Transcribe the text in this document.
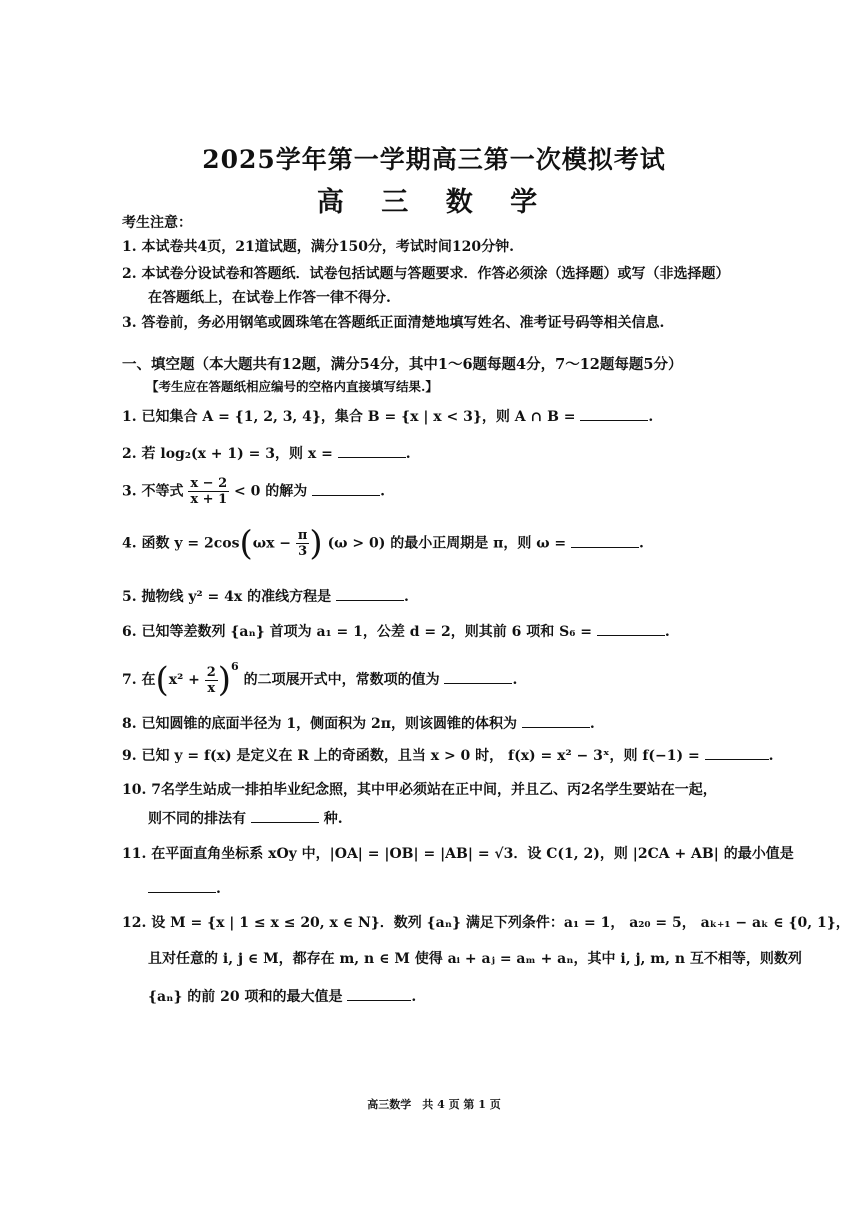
2025学年第一学期高三第一次模拟考试
高 三 数 学
考生注意：
1. 本试卷共4页，21道试题，满分150分，考试时间120分钟.
2. 本试卷分设试卷和答题纸．试卷包括试题与答题要求．作答必须涂（选择题）或写（非选择题）
在答题纸上，在试卷上作答一律不得分.
3. 答卷前，务必用钢笔或圆珠笔在答题纸正面清楚地填写姓名、准考证号码等相关信息.
一、填空题（本大题共有12题，满分54分，其中1～6题每题4分，7～12题每题5分）
【考生应在答题纸相应编号的空格内直接填写结果.】
1. 已知集合 A = {1, 2, 3, 4}，集合 B = {x | x < 3}，则 A ∩ B =	.
2. 若 log₂(x + 1) = 3，则 x =	.
3. 不等式 $\frac{x - 2}{x + 1} < 0$ 的解为	.
4. 函数 $y = 2\cos(\omega x - \frac{\pi}{3}$ ) (ω > 0) 的最小正周期是 π，则 ω =	.
5. 抛物线 y² = 4x 的准线方程是	.
6. 已知等差数列 {aₙ} 首项为 a₁ = 1，公差 d = 2，则其前 6 项和 S₆ =	.
7. 在$(x^2 + \frac{2}{x} )^6$ 的二项展开式中，常数项的值为	.
8. 已知圆锥的底面半径为 1，侧面积为 2π，则该圆锥的体积为	.
9. 已知 y = f(x) 是定义在 R 上的奇函数，且当 x > 0 时， f(x) = x² − 3ˣ，则 f(−1) =	.
10. 7名学生站成一排拍毕业纪念照，其中甲必须站在正中间，并且乙、丙2名学生要站在一起，
则不同的排法有	种.
11. 在平面直角坐标系 xOy 中，|OA| = |OB| = |AB| = √3．设 C(1, 2)，则 |2CA + AB| 的最小值是
.
12. 设 M = {x | 1 ≤ x ≤ 20, x ∈ N}．数列 {aₙ} 满足下列条件：a₁ = 1， a₂₀ = 5， aₖ₊₁ − aₖ ∈ {0, 1}，
且对任意的 i, j ∈ M，都存在 m, n ∈ M 使得 aᵢ + aⱼ = aₘ + aₙ，其中 i, j, m, n 互不相等，则数列
{aₙ} 的前 20 项和的最大值是	.
高三数学　共 4 页 第 1 页
